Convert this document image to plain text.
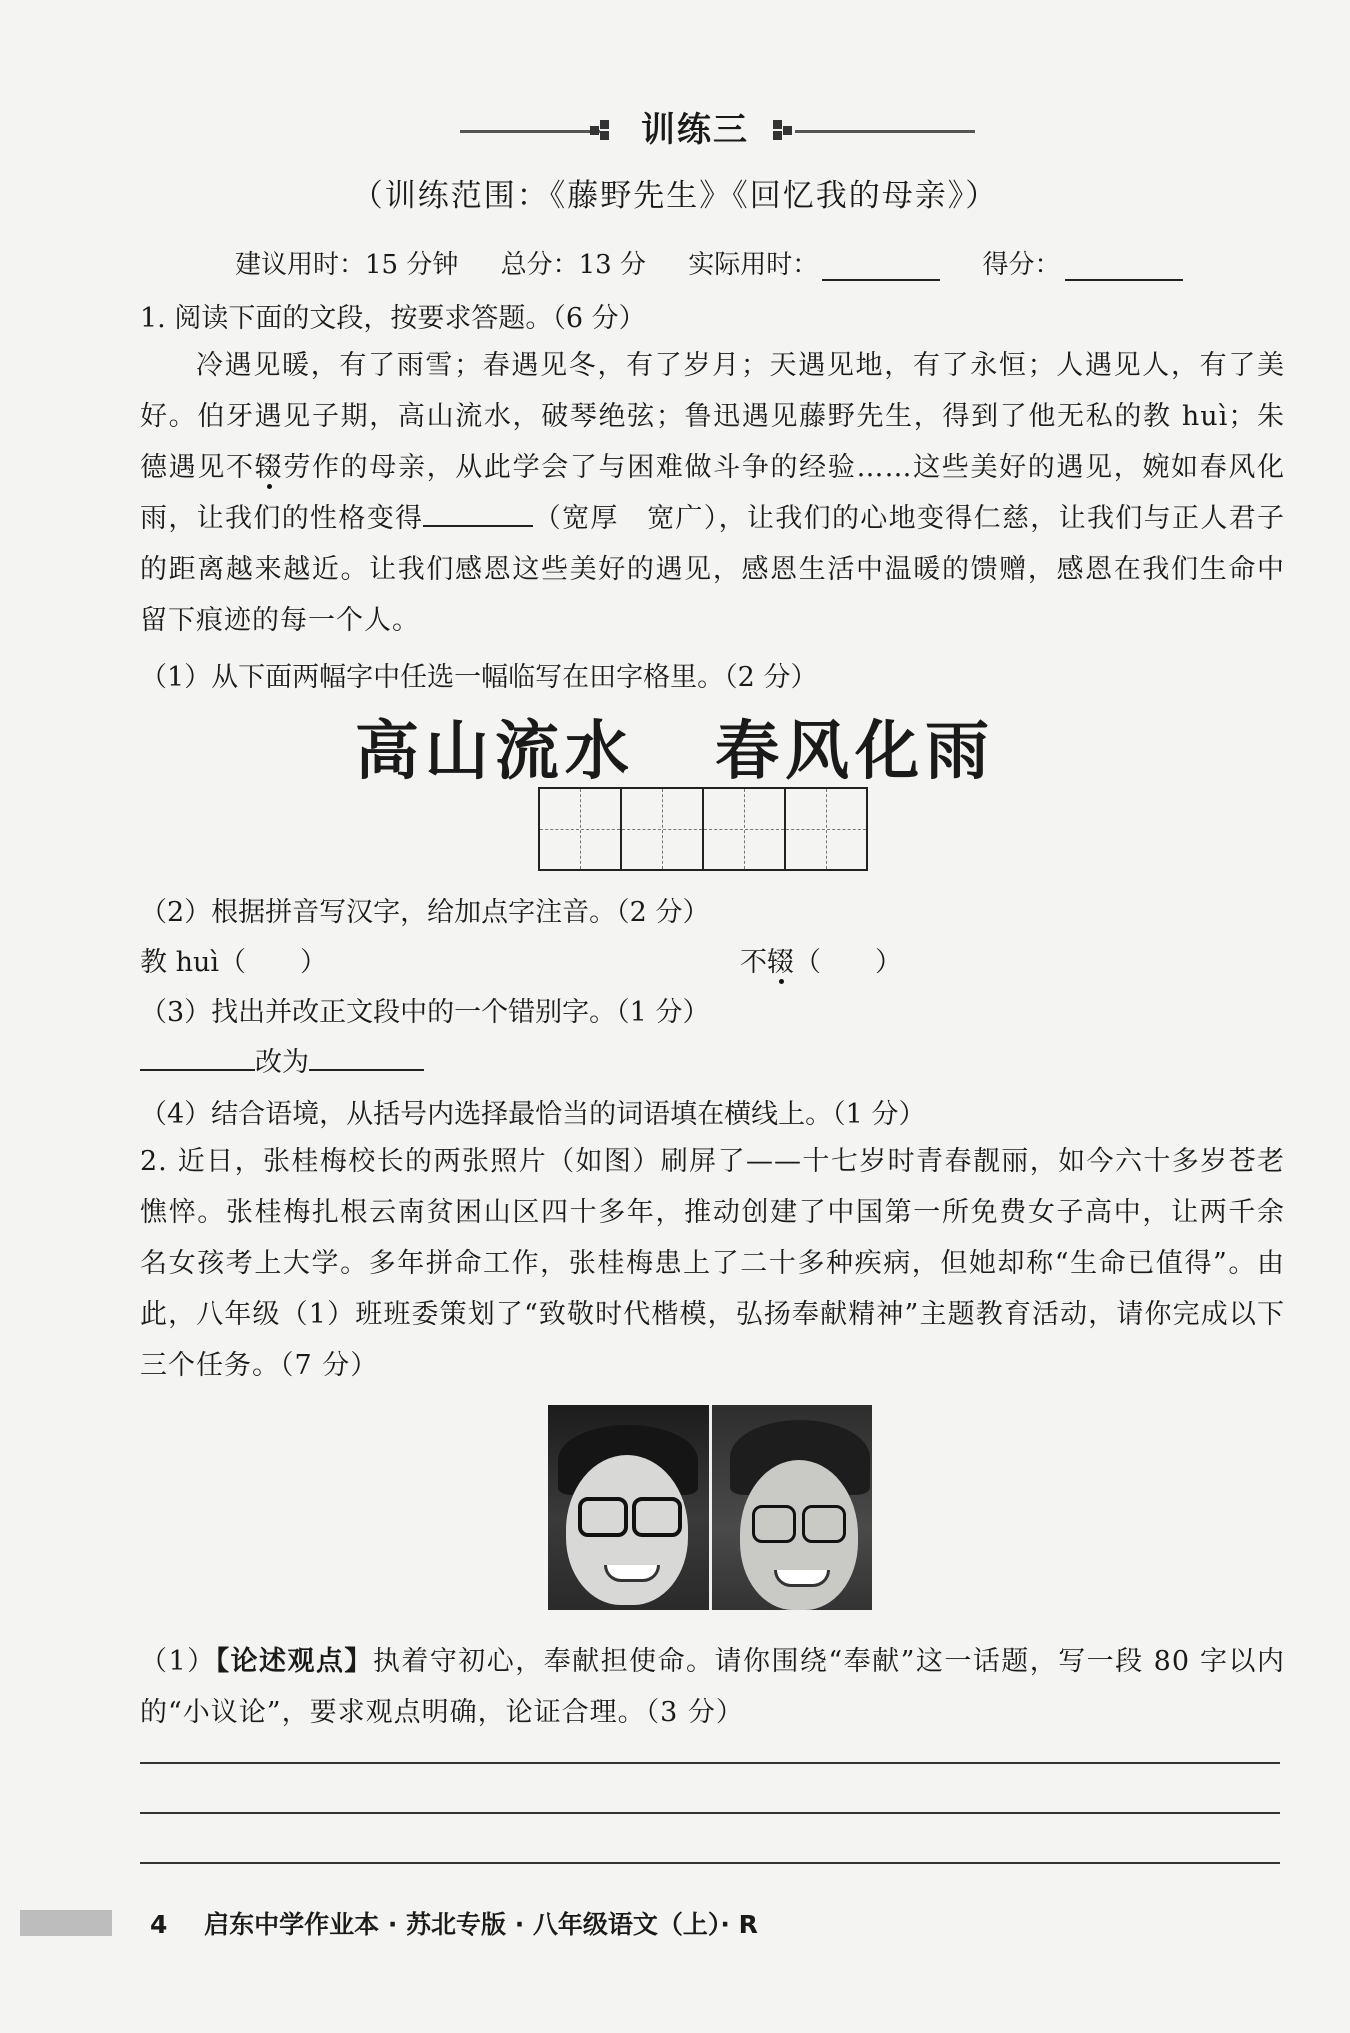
训练三
（训练范围：《藤野先生》《回忆我的母亲》）
建议用时：15 分钟 总分：13 分 实际用时：	得分：
1. 阅读下面的文段，按要求答题。（6 分）
冷遇见暖，有了雨雪；春遇见冬，有了岁月；天遇见地，有了永恒；人遇见人，有了美好。伯牙遇见子期，高山流水，破琴绝弦；鲁迅遇见藤野先生，得到了他无私的教 huì；朱德遇见不辍劳作的母亲，从此学会了与困难做斗争的经验……这些美好的遇见，婉如春风化雨，让我们的性格变得	（宽厚　宽广），让我们的心地变得仁慈，让我们与正人君子的距离越来越近。让我们感恩这些美好的遇见，感恩生活中温暖的馈赠，感恩在我们生命中留下痕迹的每一个人。
（1）从下面两幅字中任选一幅临写在田字格里。（2 分）
高山流水 春风化雨
（2）根据拼音写汉字，给加点字注音。（2 分）
教 huì（　　）	不辍（　　）
（3）找出并改正文段中的一个错别字。（1 分）
改为
（4）结合语境，从括号内选择最恰当的词语填在横线上。（1 分）
2. 近日，张桂梅校长的两张照片（如图）刷屏了——十七岁时青春靓丽，如今六十多岁苍老憔悴。张桂梅扎根云南贫困山区四十多年，推动创建了中国第一所免费女子高中，让两千余名女孩考上大学。多年拼命工作，张桂梅患上了二十多种疾病，但她却称“生命已值得”。由此，八年级（1）班班委策划了“致敬时代楷模，弘扬奉献精神”主题教育活动，请你完成以下三个任务。（7 分）
（1）【论述观点】执着守初心，奉献担使命。请你围绕“奉献”这一话题，写一段 80 字以内的“小议论”，要求观点明确，论证合理。（3 分）
4 启东中学作业本 · 苏北专版 · 八年级语文（上）· R
